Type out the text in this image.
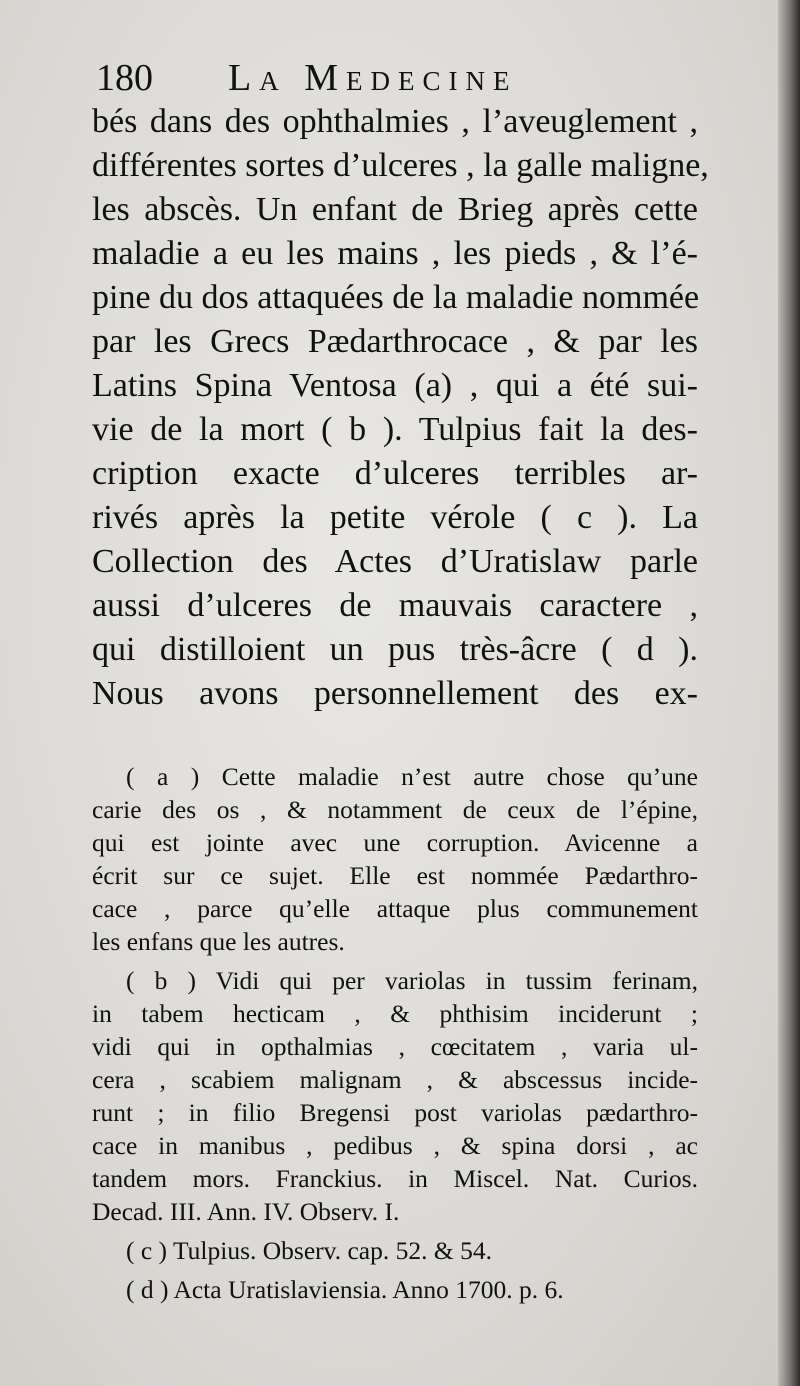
180 La Medecine
bés dans des ophthalmies , l’aveuglement ,
différentes sortes d’ulceres , la galle maligne,
les abscès. Un enfant de Brieg après cette
maladie a eu les mains , les pieds , & l’é-
pine du dos attaquées de la maladie nommée
par les Grecs Pædarthrocace , & par les
Latins Spina Ventosa (a) , qui a été sui-
vie de la mort ( b ). Tulpius fait la des-
cription exacte d’ulceres terribles ar-
rivés après la petite vérole ( c ). La
Collection des Actes d’Uratislaw parle
aussi d’ulceres de mauvais caractere ,
qui distilloient un pus très-âcre ( d ).
Nous avons personnellement des ex-
( a ) Cette maladie n’est autre chose qu’une
carie des os , & notamment de ceux de l’épine,
qui est jointe avec une corruption. Avicenne a
écrit sur ce sujet. Elle est nommée Pædarthro-
cace , parce qu’elle attaque plus communement
les enfans que les autres.
( b ) Vidi qui per variolas in tussim ferinam,
in tabem hecticam , & phthisim inciderunt ;
vidi qui in opthalmias , cœcitatem , varia ul-
cera , scabiem malignam , & abscessus incide-
runt ; in filio Bregensi post variolas pædarthro-
cace in manibus , pedibus , & spina dorsi , ac
tandem mors. Franckius. in Miscel. Nat. Curios.
Decad. III. Ann. IV. Observ. I.
( c ) Tulpius. Observ. cap. 52. & 54.
( d ) Acta Uratislaviensia. Anno 1700. p. 6.
